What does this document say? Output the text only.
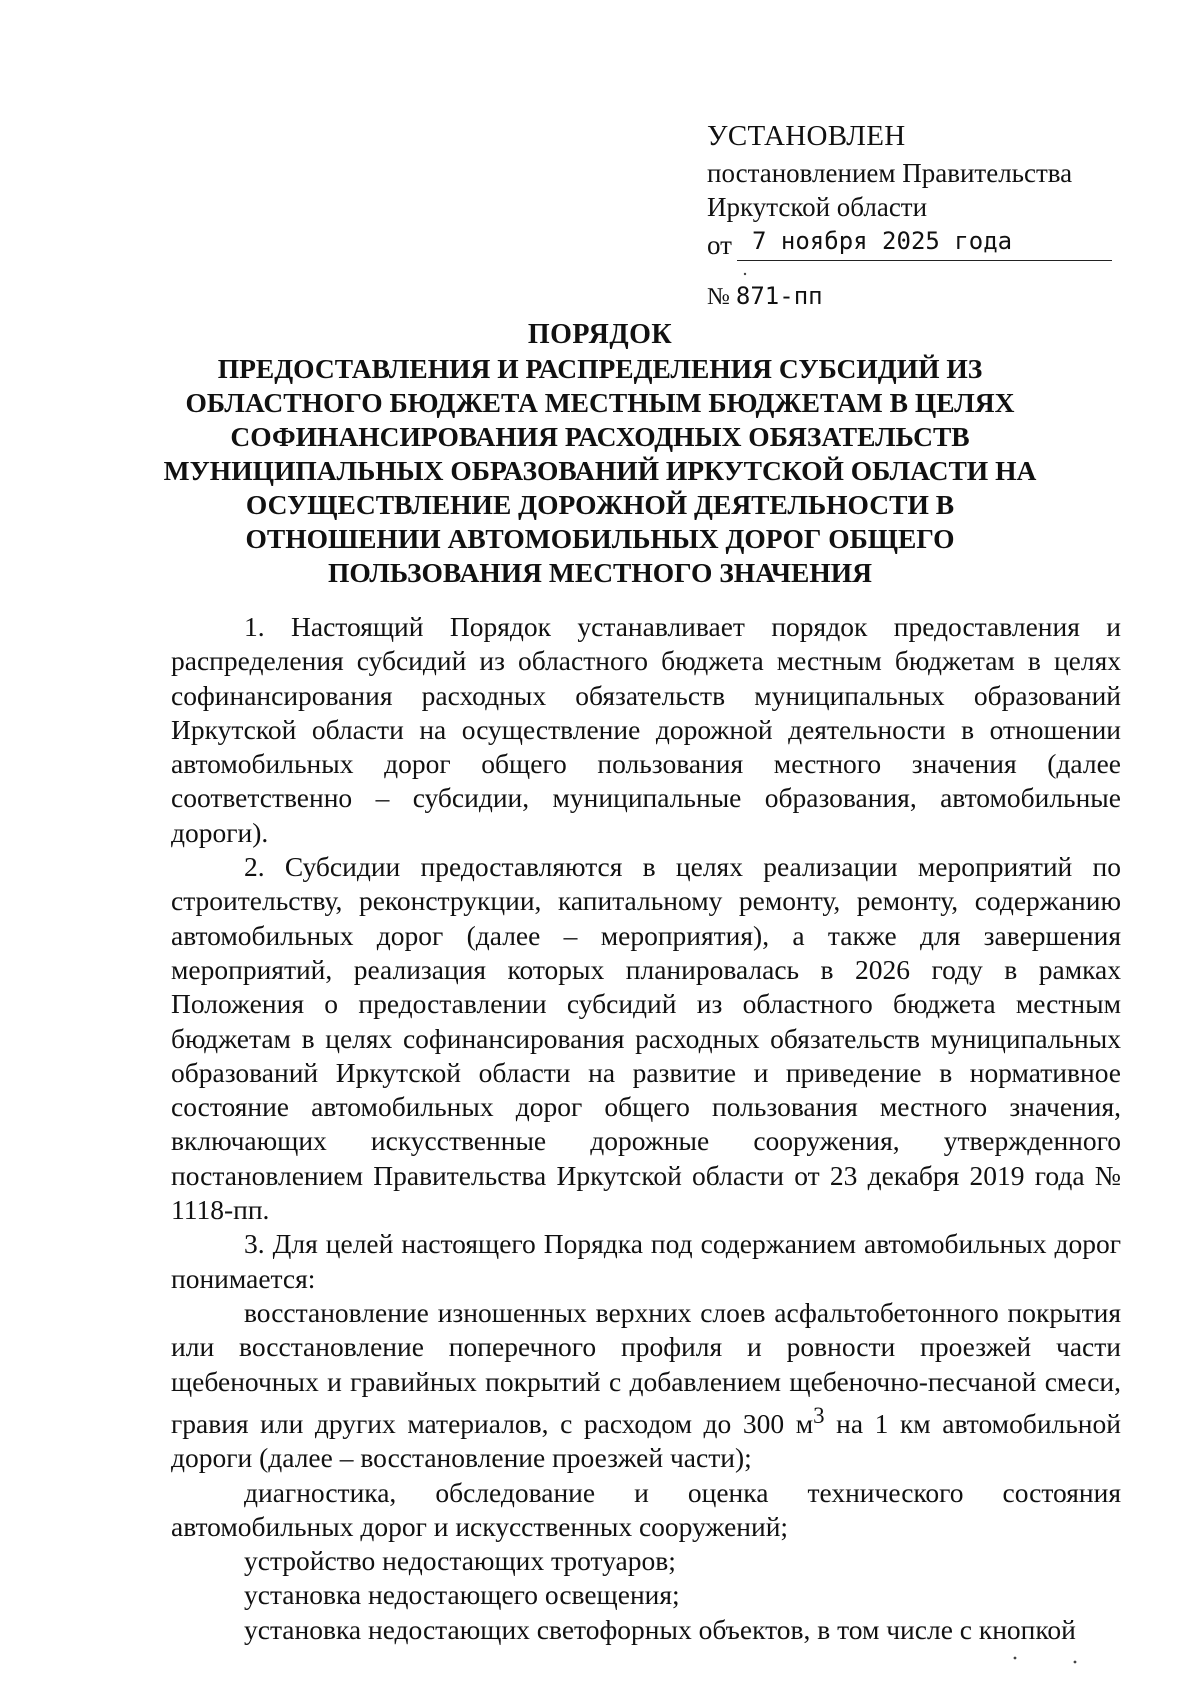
УСТАНОВЛЕН
постановлением Правительства
Иркутской области
от 7 ноября 2025 года
№ 871-пп
ПОРЯДОК
ПРЕДОСТАВЛЕНИЯ И РАСПРЕДЕЛЕНИЯ СУБСИДИЙ ИЗ ОБЛАСТНОГО БЮДЖЕТА МЕСТНЫМ БЮДЖЕТАМ В ЦЕЛЯХ СОФИНАНСИРОВАНИЯ РАСХОДНЫХ ОБЯЗАТЕЛЬСТВ МУНИЦИПАЛЬНЫХ ОБРАЗОВАНИЙ ИРКУТСКОЙ ОБЛАСТИ НА ОСУЩЕСТВЛЕНИЕ ДОРОЖНОЙ ДЕЯТЕЛЬНОСТИ В ОТНОШЕНИИ АВТОМОБИЛЬНЫХ ДОРОГ ОБЩЕГО ПОЛЬЗОВАНИЯ МЕСТНОГО ЗНАЧЕНИЯ

1. Настоящий Порядок устанавливает порядок предоставления и распределения субсидий из областного бюджета местным бюджетам в целях софинансирования расходных обязательств муниципальных образований Иркутской области на осуществление дорожной деятельности в отношении автомобильных дорог общего пользования местного значения (далее соответственно – субсидии, муниципальные образования, автомобильные дороги).

2. Субсидии предоставляются в целях реализации мероприятий по строительству, реконструкции, капитальному ремонту, ремонту, содержанию автомобильных дорог (далее – мероприятия), а также для завершения мероприятий, реализация которых планировалась в 2026 году в рамках Положения о предоставлении субсидий из областного бюджета местным бюджетам в целях софинансирования расходных обязательств муниципальных образований Иркутской области на развитие и приведение в нормативное состояние автомобильных дорог общего пользования местного значения, включающих искусственные дорожные сооружения, утвержденного постановлением Правительства Иркутской области от 23 декабря 2019 года № 1118-пп.

3. Для целей настоящего Порядка под содержанием автомобильных дорог понимается:

восстановление изношенных верхних слоев асфальтобетонного покрытия или восстановление поперечного профиля и ровности проезжей части щебеночных и гравийных покрытий с добавлением щебеночно-песчаной смеси, гравия или других материалов, с расходом до 300 $м^3$ на 1 км автомобильной дороги (далее – восстановление проезжей части);

диагностика, обследование и оценка технического состояния автомобильных дорог и искусственных сооружений;

устройство недостающих тротуаров;

установка недостающего освещения;

установка недостающих светофорных объектов, в том числе с кнопкой
